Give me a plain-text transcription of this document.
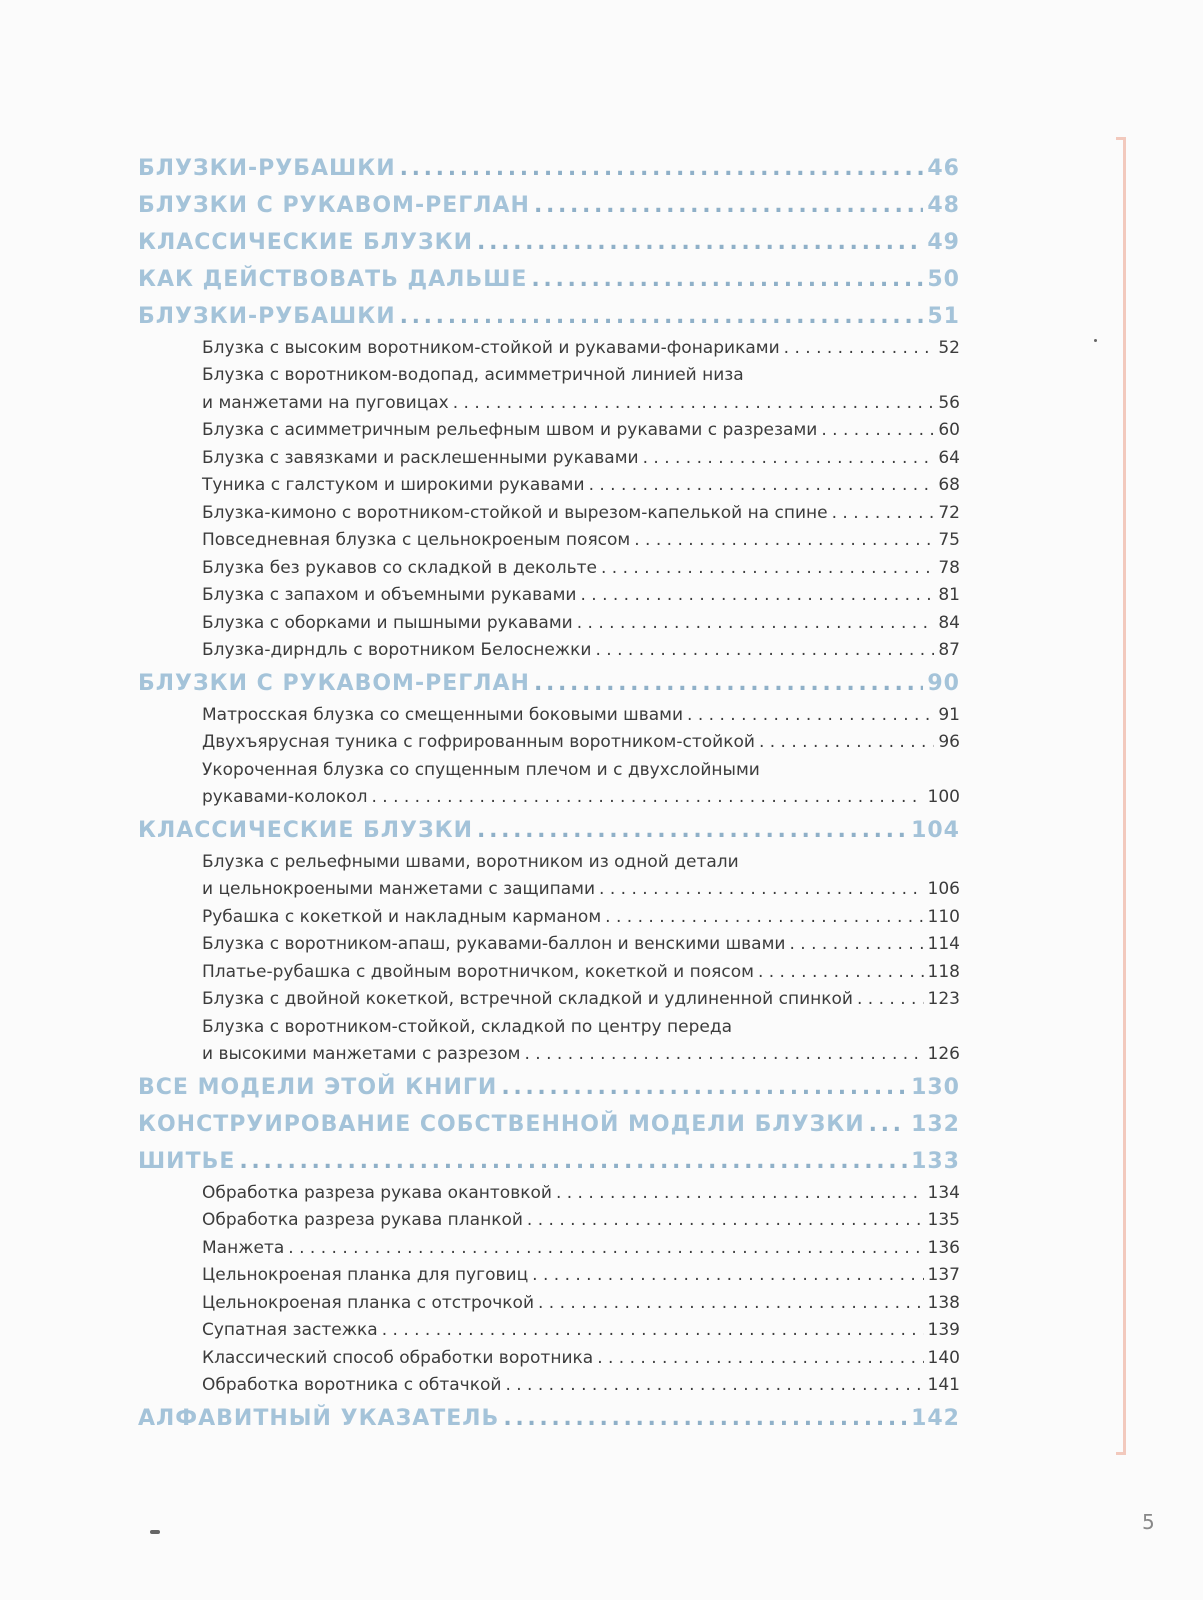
БЛУЗКИ-РУБАШКИ . . .	46
БЛУЗКИ С РУКАВОМ-РЕГЛАН . . .	48
КЛАССИЧЕСКИЕ БЛУЗКИ . . .	49
КАК ДЕЙСТВОВАТЬ ДАЛЬШЕ . . .	50
БЛУЗКИ-РУБАШКИ . . .	51
Блузка с высоким воротником-стойкой и рукавами-фонариками . . .	52
Блузка с воротником-водопад, асимметричной линией низа
и манжетами на пуговицах . . .	56
Блузка с асимметричным рельефным швом и рукавами с разрезами . . .	60
Блузка с завязками и расклешенными рукавами . . .	64
Туника с галстуком и широкими рукавами . . .	68
Блузка-кимоно с воротником-стойкой и вырезом-капелькой на спине . . .	72
Повседневная блузка с цельнокроеным поясом . . .	75
Блузка без рукавов со складкой в декольте . . .	78
Блузка с запахом и объемными рукавами . . .	81
Блузка с оборками и пышными рукавами . . .	84
Блузка-дирндль с воротником Белоснежки . . .	87
БЛУЗКИ С РУКАВОМ-РЕГЛАН . . .	90
Матросская блузка со смещенными боковыми швами . . .	91
Двухъярусная туника с гофрированным воротником-стойкой . . .	96
Укороченная блузка со спущенным плечом и с двухслойными
рукавами-колокол . . .	100
КЛАССИЧЕСКИЕ БЛУЗКИ . . .	104
Блузка с рельефными швами, воротником из одной детали
и цельнокроеными манжетами с защипами . . .	106
Рубашка с кокеткой и накладным карманом . . .	110
Блузка с воротником-апаш, рукавами-баллон и венскими швами . . .	114
Платье-рубашка с двойным воротничком, кокеткой и поясом . . .	118
Блузка с двойной кокеткой, встречной складкой и удлиненной спинкой . . .	123
Блузка с воротником-стойкой, складкой по центру переда
и высокими манжетами с разрезом . . .	126
ВСЕ МОДЕЛИ ЭТОЙ КНИГИ . . .	130
КОНСТРУИРОВАНИЕ СОБСТВЕННОЙ МОДЕЛИ БЛУЗКИ . . . 132
ШИТЬЕ . . .	133
Обработка разреза рукава окантовкой . . .	134
Обработка разреза рукава планкой . . .	135
Манжета . . .	136
Цельнокроеная планка для пуговиц . . .	137
Цельнокроеная планка с отстрочкой . . .	138
Супатная застежка . . .	139
Классический способ обработки воротника . . .	140
Обработка воротника с обтачкой . . .	141
АЛФАВИТНЫЙ УКАЗАТЕЛЬ . . .	142
5
